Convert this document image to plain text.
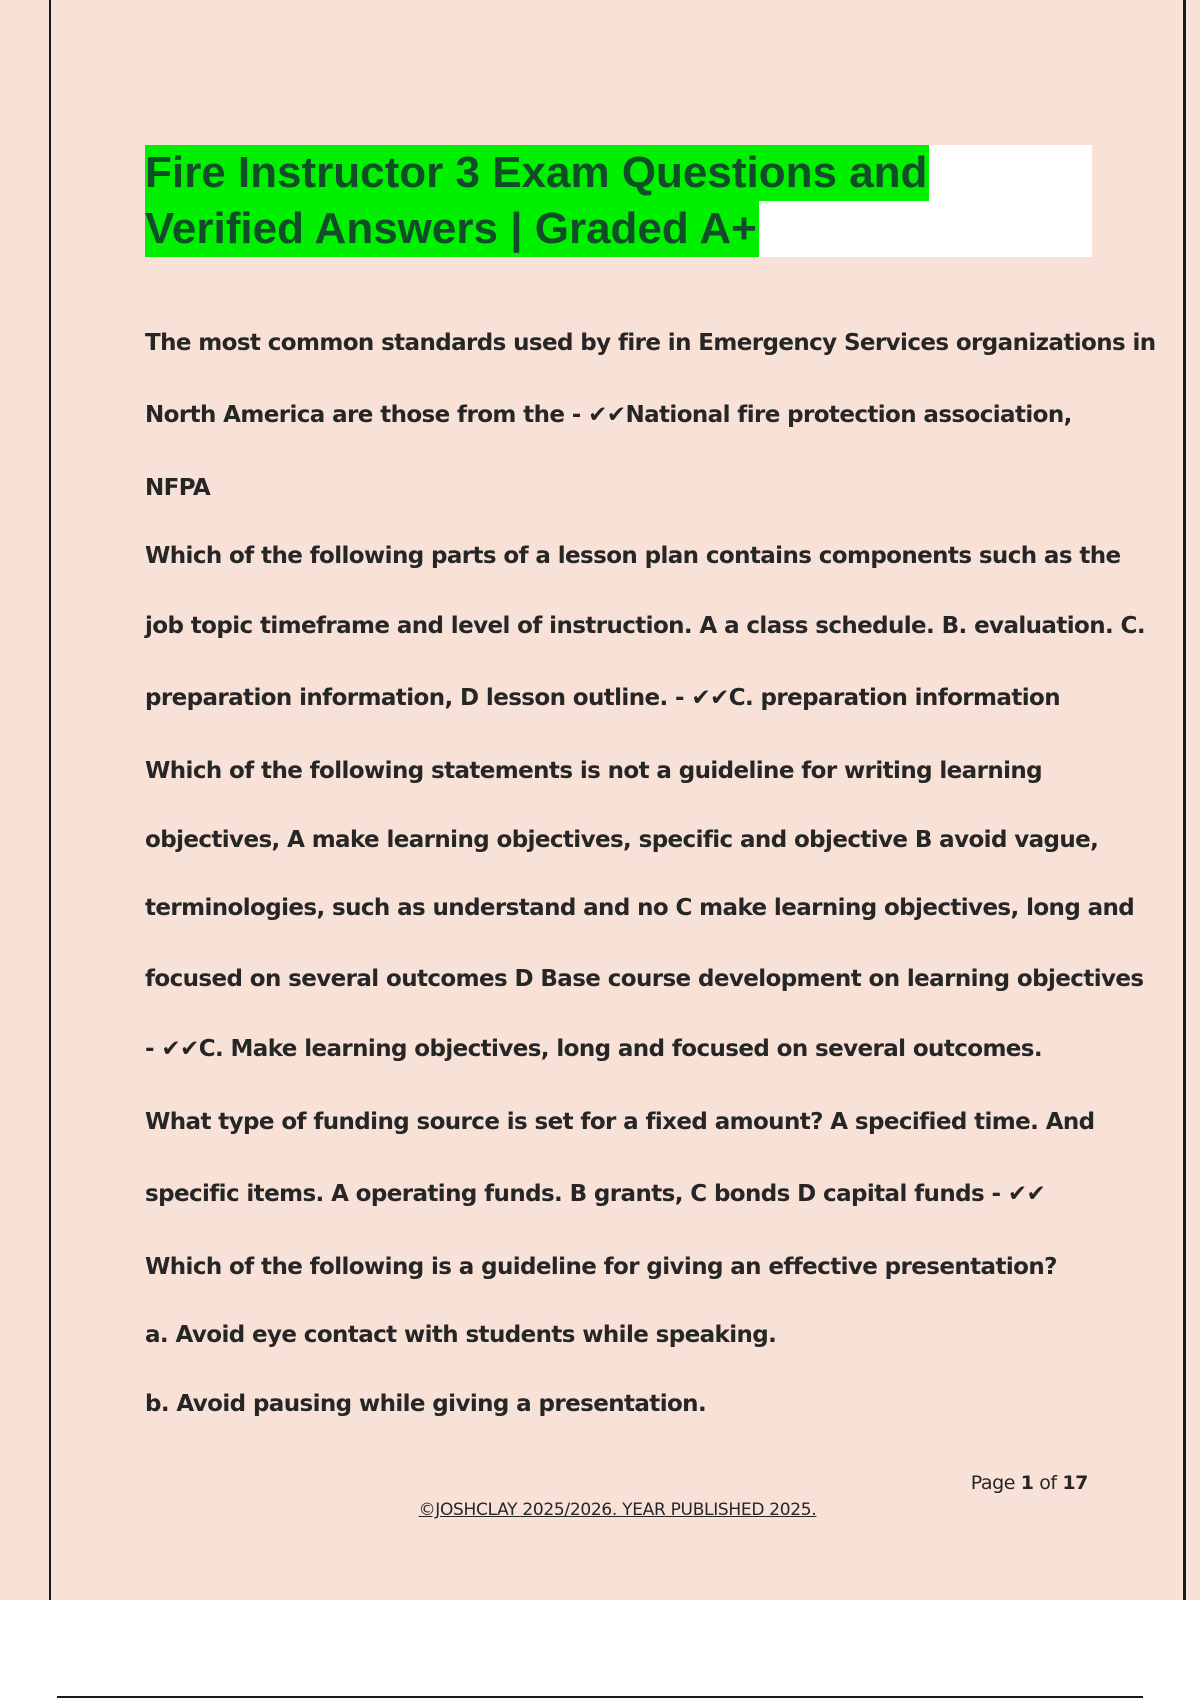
Fire Instructor 3 Exam Questions and
Verified Answers | Graded A+
The most common standards used by fire in Emergency Services organizations in
North America are those from the - ✔✔National fire protection association,
NFPA
Which of the following parts of a lesson plan contains components such as the
job topic timeframe and level of instruction. A a class schedule. B. evaluation. C.
preparation information, D lesson outline. - ✔✔C. preparation information
Which of the following statements is not a guideline for writing learning
objectives, A make learning objectives, specific and objective B avoid vague,
terminologies, such as understand and no C make learning objectives, long and
focused on several outcomes D Base course development on learning objectives
- ✔✔C. Make learning objectives, long and focused on several outcomes.
What type of funding source is set for a fixed amount? A specified time. And
specific items. A operating funds. B grants, C bonds D capital funds - ✔✔
Which of the following is a guideline for giving an effective presentation?
a. Avoid eye contact with students while speaking.
b. Avoid pausing while giving a presentation.
Page 1 of 17
©JOSHCLAY 2025/2026. YEAR PUBLISHED 2025.
